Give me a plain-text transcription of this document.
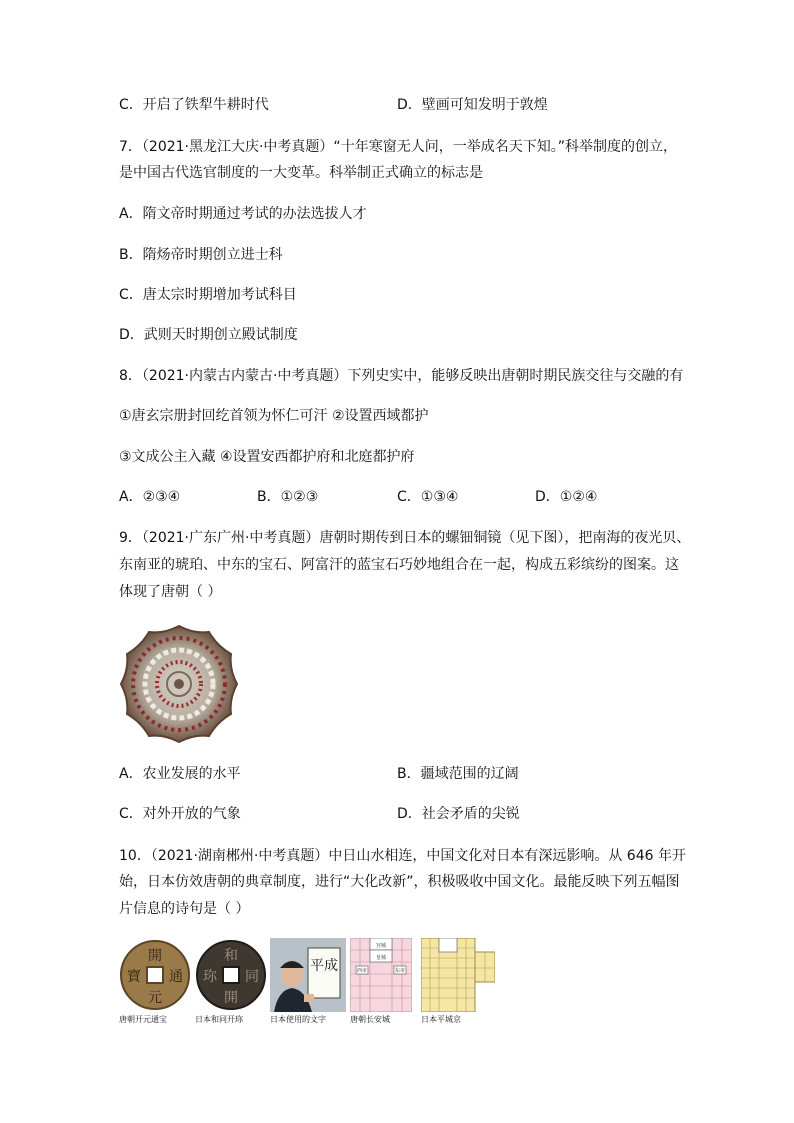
C．开启了铁犁牛耕时代	D．壁画可知发明于敦煌
7．（2021·黑龙江大庆·中考真题）“十年寒窗无人问，一举成名天下知。”科举制度的创立，
是中国古代选官制度的一大变革。科举制正式确立的标志是
A．隋文帝时期通过考试的办法选拔人才
B．隋炀帝时期创立进士科
C．唐太宗时期增加考试科目
D．武则天时期创立殿试制度
8．（2021·内蒙古内蒙古·中考真题）下列史实中，能够反映出唐朝时期民族交往与交融的有
①唐玄宗册封回纥首领为怀仁可汗 ②设置西域都护
③文成公主入藏 ④设置安西都护府和北庭都护府
A．②③④	B．①②③	C．①③④	D．①②④
9．（2021·广东广州·中考真题）唐朝时期传到日本的螺钿铜镜（见下图），把南海的夜光贝、
东南亚的琥珀、中东的宝石、阿富汗的蓝宝石巧妙地组合在一起，构成五彩缤纷的图案。这
体现了唐朝（ ）
A．农业发展的水平	B．疆域范围的辽阔
C．对外开放的气象	D．社会矛盾的尖锐
10．（2021·湖南郴州·中考真题）中日山水相连，中国文化对日本有深远影响。从 646 年开
始，日本仿效唐朝的典章制度，进行“大化改新”，积极吸收中国文化。最能反映下列五幅图
片信息的诗句是（ ）
開
元
通
寶
和
同
開
珎
平成
宫城
皇城
西市	东市
唐朝开元通宝	日本和同开珎	日本使用的文字	唐朝长安城	日本平城京
